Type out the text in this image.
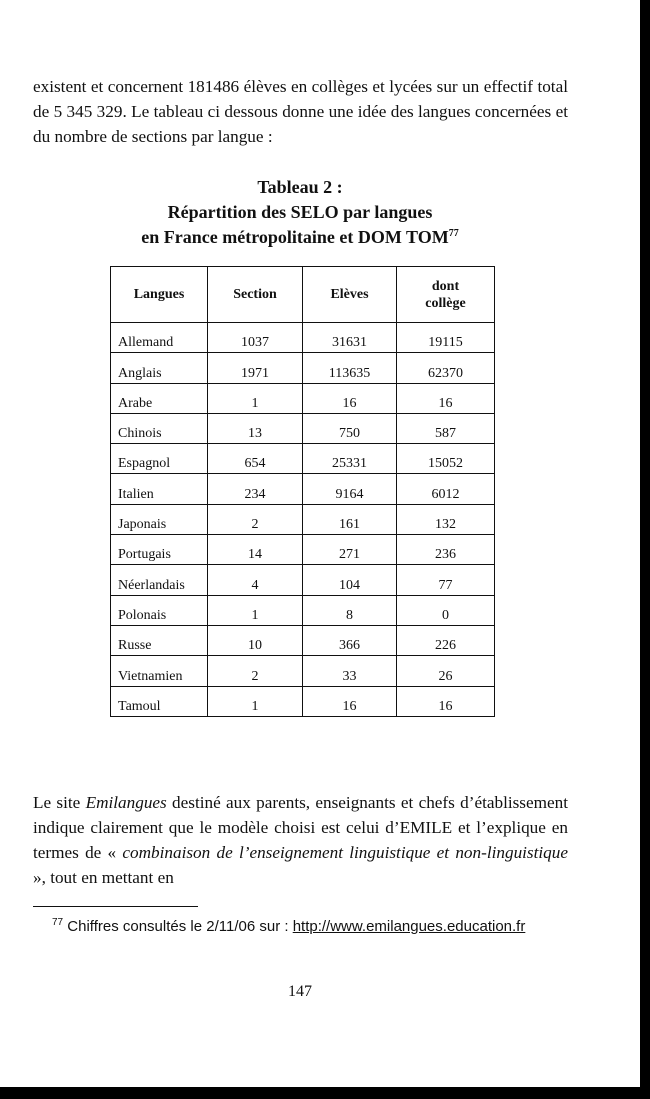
existent et concernent 181486 élèves en collèges et lycées sur un effectif total de 5 345 329. Le tableau ci dessous donne une idée des langues concernées et du nombre de sections par langue :

Tableau 2 :
Répartition des SELO par langues
en France métropolitaine et DOM TOM$^{77}$
Langues	Section	Elèves	dont
collège
Allemand	1037	31631	19115
Anglais	1971	113635	62370
Arabe	1	16	16
Chinois	13	750	587
Espagnol	654	25331	15052
Italien	234	9164	6012
Japonais	2	161	132
Portugais	14	271	236
Néerlandais	4	104	77
Polonais	1	8	0
Russe	10	366	226
Vietnamien	2	33	26
Tamoul	1	16	16

Le site Emilangues destiné aux parents, enseignants et chefs d’établissement indique clairement que le modèle choisi est celui d’EMILE et l’explique en termes de « combinaison de l’enseignement linguistique et non-linguistique », tout en mettant en

$^{77}$ Chiffres consultés le 2/11/06 sur : http://www.emilangues.education.fr
147
